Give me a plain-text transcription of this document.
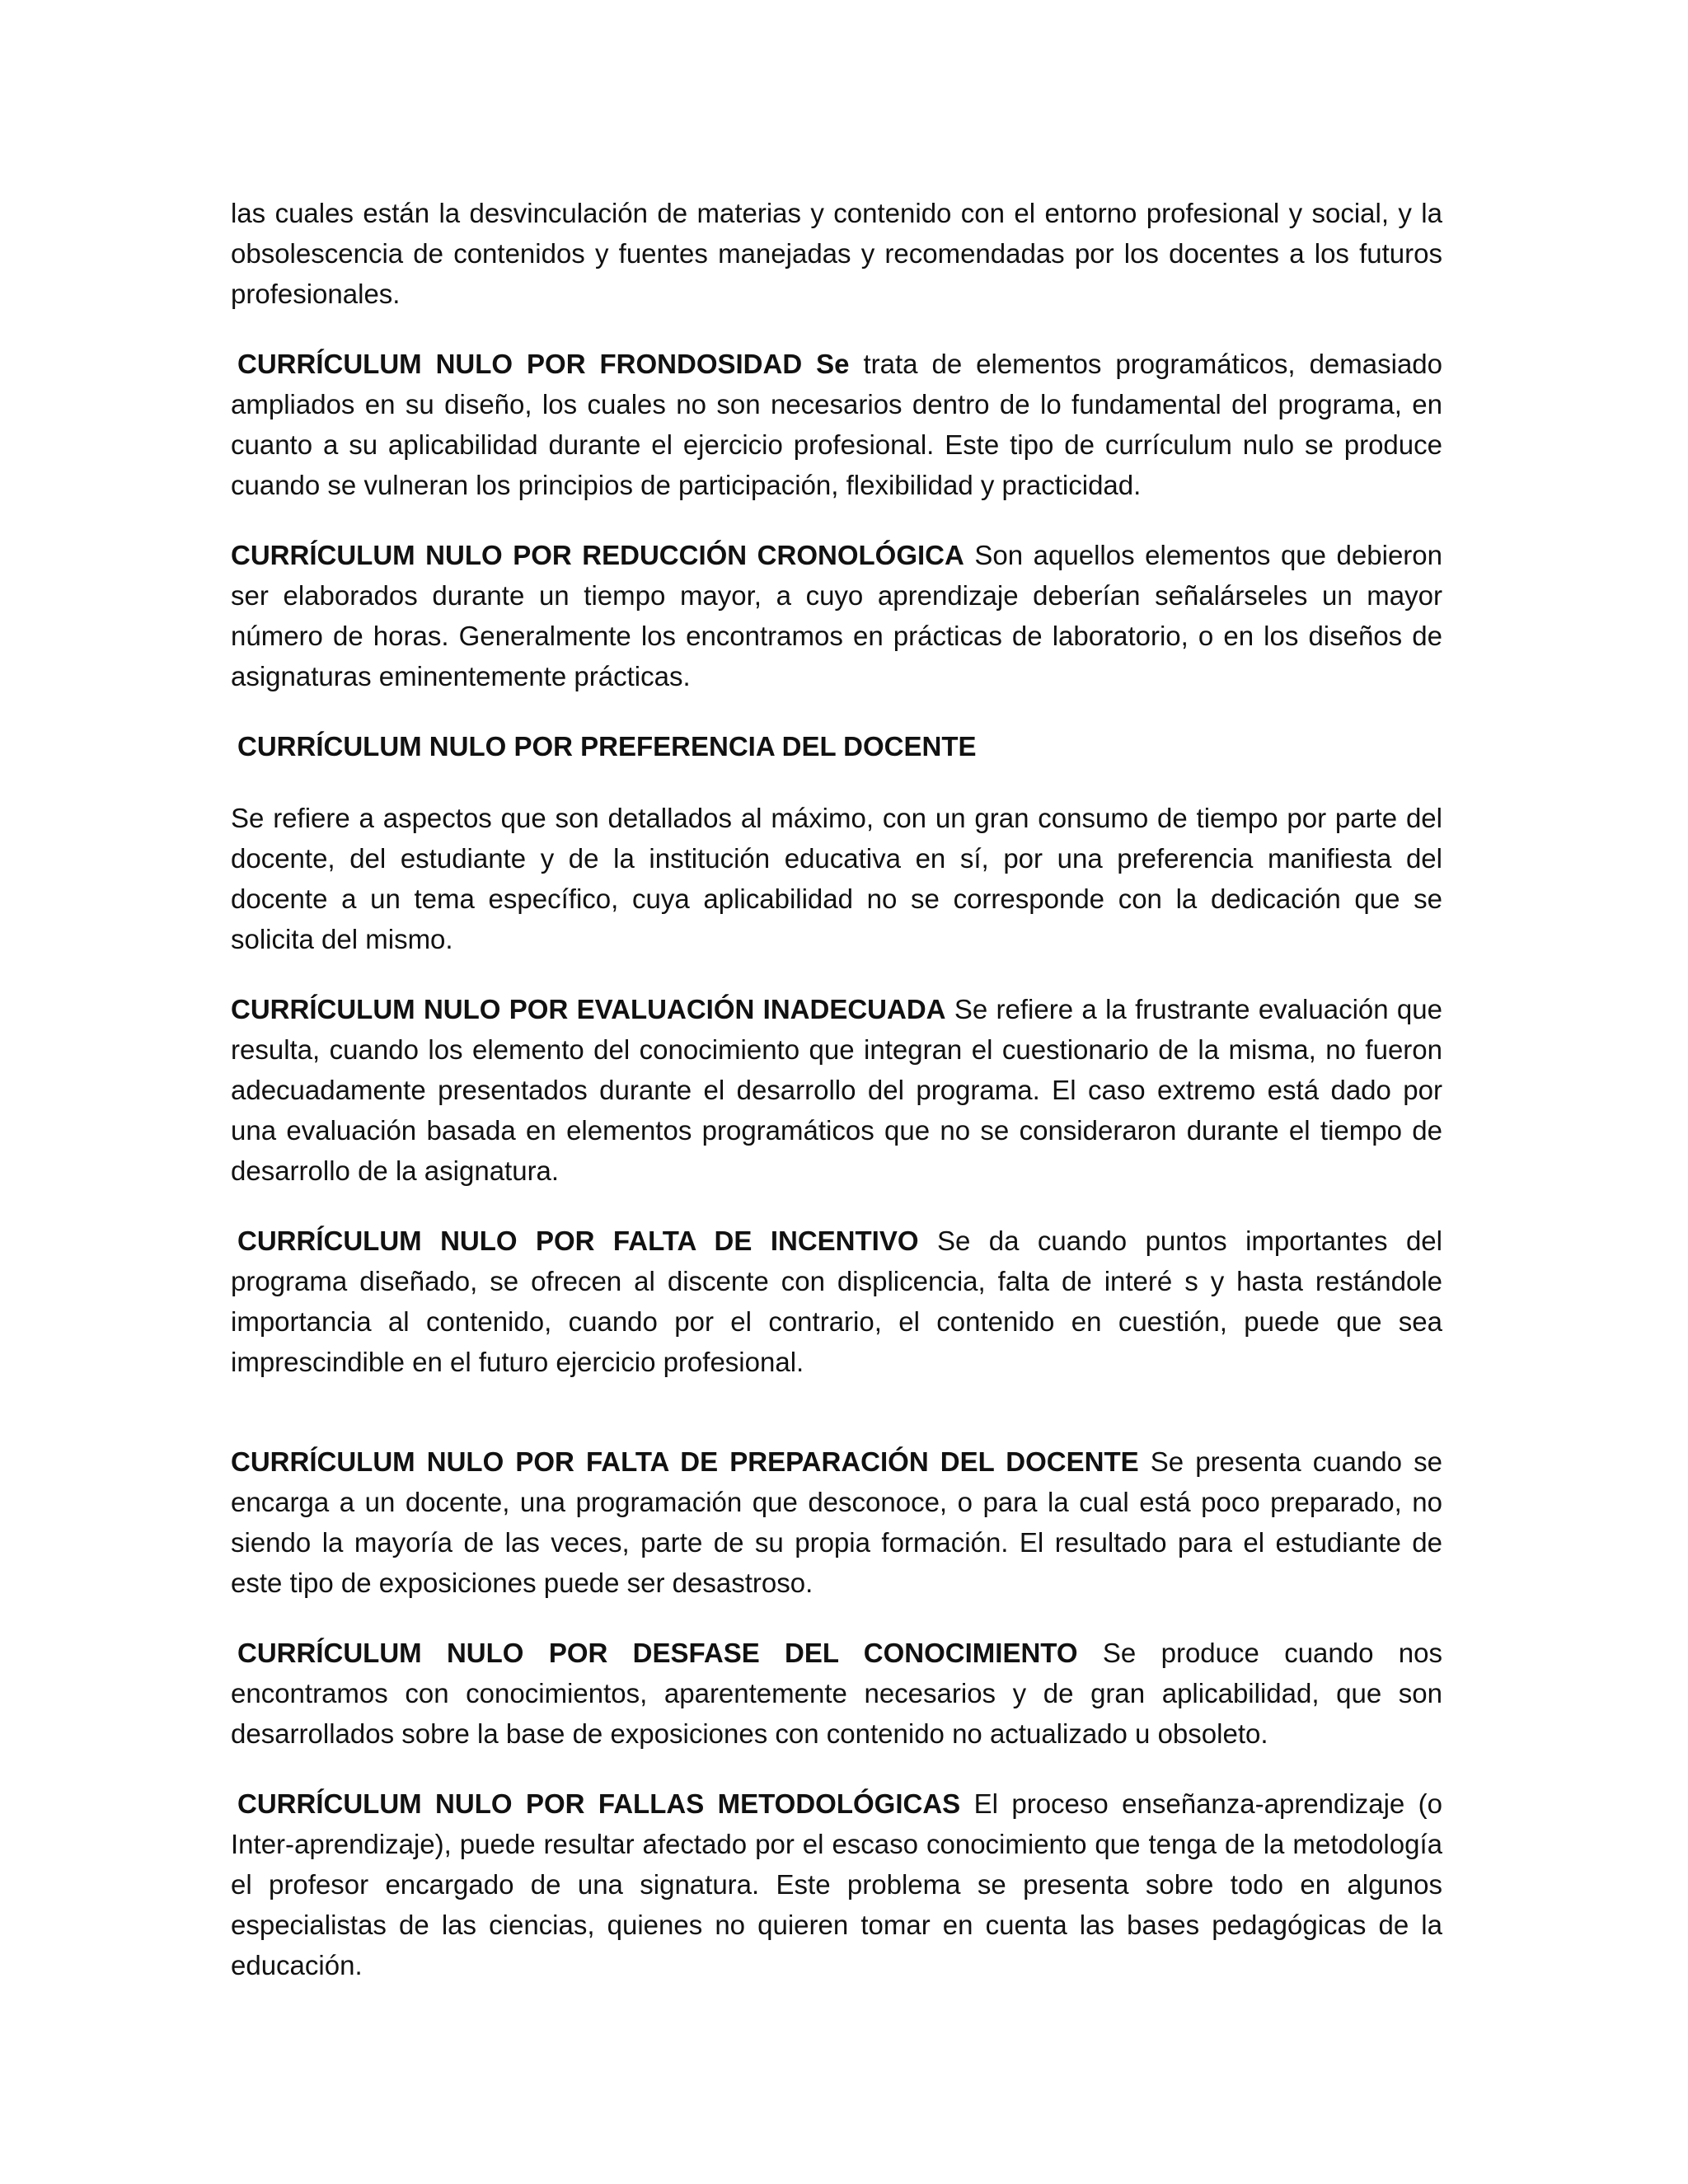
las cuales están la desvinculación de materias y contenido con el entorno profesional y social, y la obsolescencia de contenidos y fuentes manejadas y recomendadas por los docentes a los futuros profesionales.

CURRÍCULUM NULO POR FRONDOSIDAD Se trata de elementos programáticos, demasiado ampliados en su diseño, los cuales no son necesarios dentro de lo fundamental del programa, en cuanto a su aplicabilidad durante el ejercicio profesional. Este tipo de currículum nulo se produce cuando se vulneran los principios de participación, flexibilidad y practicidad.

CURRÍCULUM NULO POR REDUCCIÓN CRONOLÓGICA Son aquellos elementos que debieron ser elaborados durante un tiempo mayor, a cuyo aprendizaje deberían señalárseles un mayor número de horas. Generalmente los encontramos en prácticas de laboratorio, o en los diseños de asignaturas eminentemente prácticas.

CURRÍCULUM NULO POR PREFERENCIA DEL DOCENTE

Se refiere a aspectos que son detallados al máximo, con un gran consumo de tiempo por parte del docente, del estudiante y de la institución educativa en sí, por una preferencia manifiesta del docente a un tema específico, cuya aplicabilidad no se corresponde con la dedicación que se solicita del mismo.

CURRÍCULUM NULO POR EVALUACIÓN INADECUADA Se refiere a la frustrante evaluación que resulta, cuando los elemento del conocimiento que integran el cuestionario de la misma, no fueron adecuadamente presentados durante el desarrollo del programa. El caso extremo está dado por una evaluación basada en elementos programáticos que no se consideraron durante el tiempo de desarrollo de la asignatura.

CURRÍCULUM NULO POR FALTA DE INCENTIVO Se da cuando puntos importantes del programa diseñado, se ofrecen al discente con displicencia, falta de interé s y hasta restándole importancia al contenido, cuando por el contrario, el contenido en cuestión, puede que sea imprescindible en el futuro ejercicio profesional.

CURRÍCULUM NULO POR FALTA DE PREPARACIÓN DEL DOCENTE Se presenta cuando se encarga a un docente, una programación que desconoce, o para la cual está poco preparado, no siendo la mayoría de las veces, parte de su propia formación. El resultado para el estudiante de este tipo de exposiciones puede ser desastroso.

CURRÍCULUM NULO POR DESFASE DEL CONOCIMIENTO Se produce cuando nos encontramos con conocimientos, aparentemente necesarios y de gran aplicabilidad, que son desarrollados sobre la base de exposiciones con contenido no actualizado u obsoleto.

CURRÍCULUM NULO POR FALLAS METODOLÓGICAS El proceso enseñanza-aprendizaje (o Inter-aprendizaje), puede resultar afectado por el escaso conocimiento que tenga de la metodología el profesor encargado de una signatura. Este problema se presenta sobre todo en algunos especialistas de las ciencias, quienes no quieren tomar en cuenta las bases pedagógicas de la educación.
